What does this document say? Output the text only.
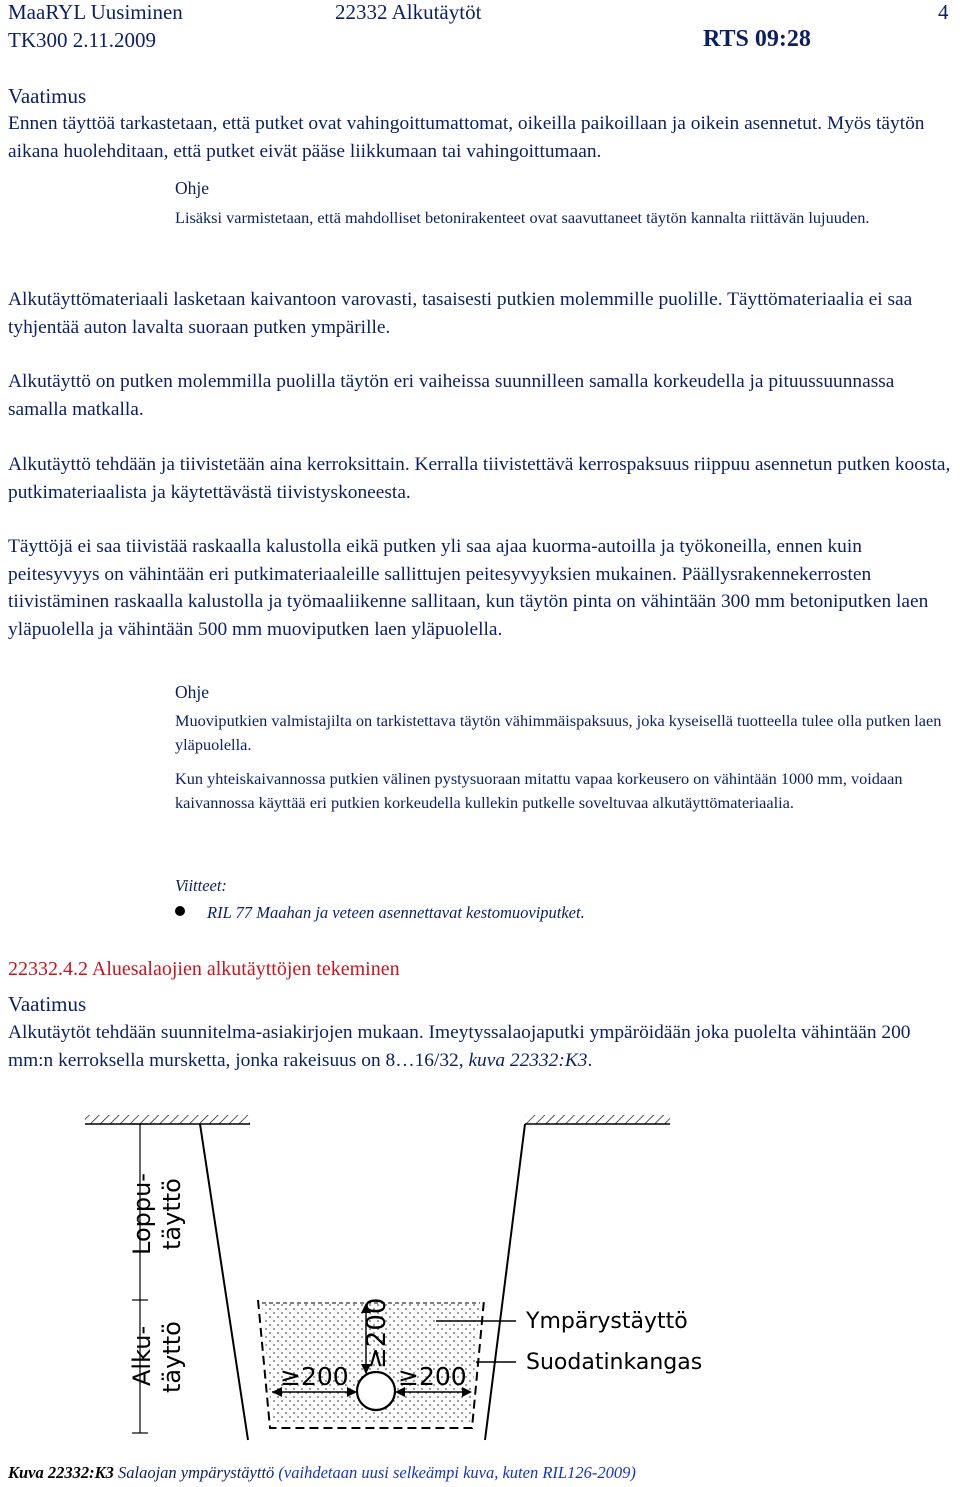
MaaRYL Uusiminen	22332 Alkutäytöt	4
TK300 2.11.2009	RTS 09:28
Vaatimus
Ennen täyttöä tarkastetaan, että putket ovat vahingoittumattomat, oikeilla paikoillaan ja oikein asennetut. Myös täytön aikana huolehditaan, että putket eivät pääse liikkumaan tai vahingoittumaan.
Ohje
Lisäksi varmistetaan, että mahdolliset betonirakenteet ovat saavuttaneet täytön kannalta riittävän lujuuden.
Alkutäyttömateriaali lasketaan kaivantoon varovasti, tasaisesti putkien molemmille puolille. Täyttömateriaalia ei saa tyhjentää auton lavalta suoraan putken ympärille.
Alkutäyttö on putken molemmilla puolilla täytön eri vaiheissa suunnilleen samalla korkeudella ja pituussuunnassa samalla matkalla.
Alkutäyttö tehdään ja tiivistetään aina kerroksittain. Kerralla tiivistettävä kerrospaksuus riippuu asennetun putken koosta, putkimateriaalista ja käytettävästä tiivistyskoneesta.
Täyttöjä ei saa tiivistää raskaalla kalustolla eikä putken yli saa ajaa kuorma-autoilla ja työkoneilla, ennen kuin peitesyvyys on vähintään eri putkimateriaaleille sallittujen peitesyvyyksien mukainen. Päällysrakennekerrosten tiivistäminen raskaalla kalustolla ja työmaaliikenne sallitaan, kun täytön pinta on vähintään 300 mm betoniputken laen yläpuolella ja vähintään 500 mm muoviputken laen yläpuolella.
Ohje
Muoviputkien valmistajilta on tarkistettava täytön vähimmäispaksuus, joka kyseisellä tuotteella tulee olla putken laen yläpuolella.
Kun yhteiskaivannossa putkien välinen pystysuoraan mitattu vapaa korkeusero on vähintään 1000 mm, voidaan kaivannossa käyttää eri putkien korkeudella kullekin putkelle soveltuvaa alkutäyttömateriaalia.
Viitteet:
RIL 77 Maahan ja veteen asennettavat kestomuoviputket.
22332.4.2 Aluesalaojien alkutäyttöjen tekeminen
Vaatimus
Alkutäytöt tehdään suunnitelma-asiakirjojen mukaan. Imeytyssalaojaputki ympäröidään joka puolelta vähintään 200 mm:n kerroksella mursketta, jonka rakeisuus on 8…16/32, kuva 22332:K3.
≥200
≥200 ≥200
Loppu- täyttö
Alku- täyttö	Ympärystäyttö
Suodatinkangas
Kuva 22332:K3 Salaojan ympärystäyttö (vaihdetaan uusi selkeämpi kuva, kuten RIL126-2009)
